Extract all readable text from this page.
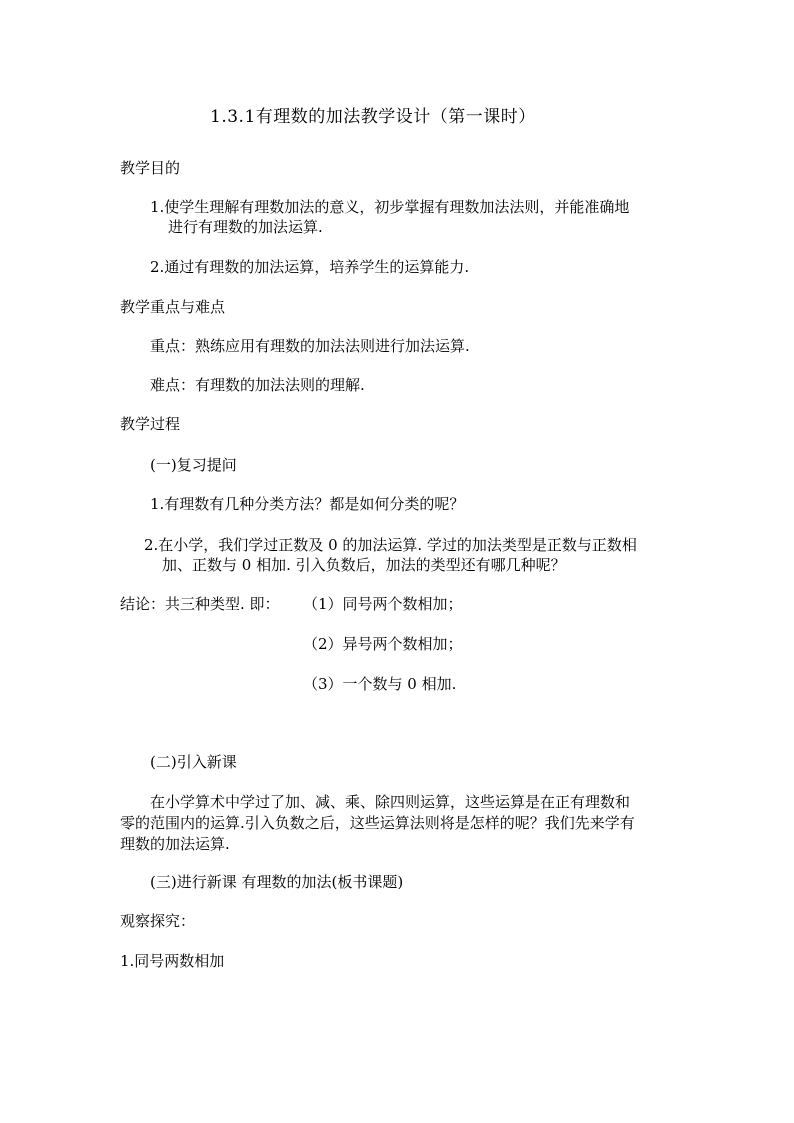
1.3.1有理数的加法教学设计（第一课时）
教学目的
1.使学生理解有理数加法的意义，初步掌握有理数加法法则，并能准确地
进行有理数的加法运算.
2.通过有理数的加法运算，培养学生的运算能力.
教学重点与难点
重点：熟练应用有理数的加法法则进行加法运算.
难点：有理数的加法法则的理解.
教学过程
(一)复习提问
1.有理数有几种分类方法？都是如何分类的呢？
2.在小学，我们学过正数及 0 的加法运算. 学过的加法类型是正数与正数相
加、正数与 0 相加. 引入负数后，加法的类型还有哪几种呢？
结论：共三种类型. 即： （1）同号两个数相加；
（2）异号两个数相加；
（3）一个数与 0 相加.
(二)引入新课
在小学算术中学过了加、减、乘、除四则运算，这些运算是在正有理数和
零的范围内的运算.引入负数之后，这些运算法则将是怎样的呢？我们先来学有
理数的加法运算.
(三)进行新课 有理数的加法(板书课题)
观察探究：
1.同号两数相加
